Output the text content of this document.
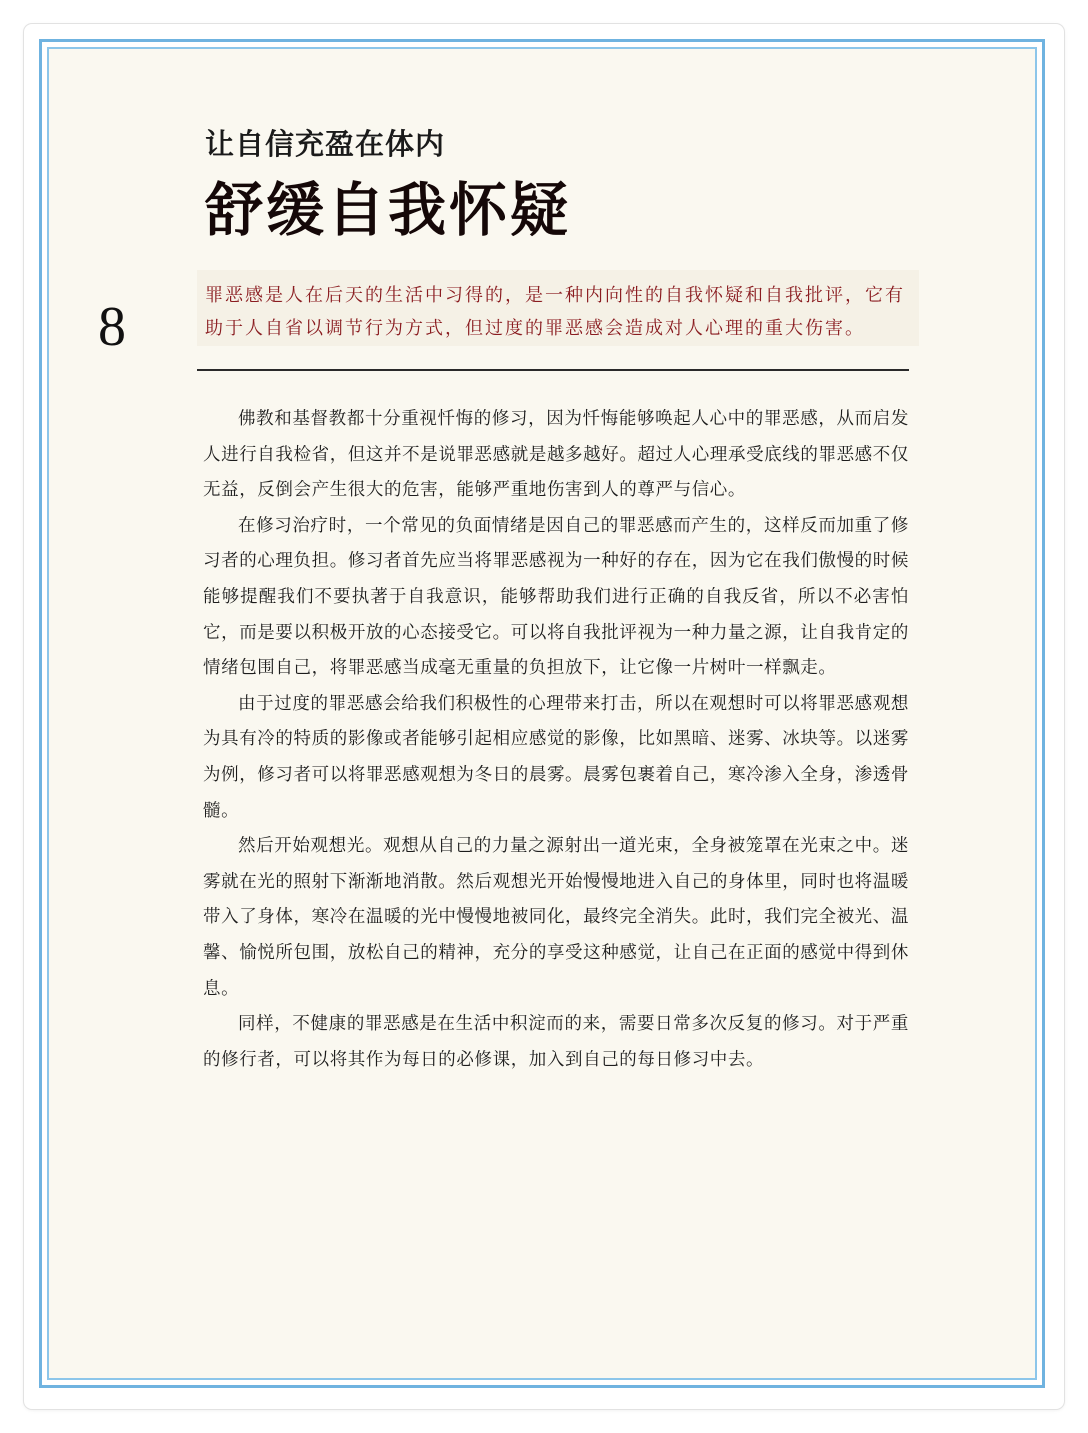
8
让自信充盈在体内
舒缓自我怀疑

罪恶感是人在后天的生活中习得的，是一种内向性的自我怀疑和自我批评，它有助于人自省以调节行为方式，但过度的罪恶感会造成对人心理的重大伤害。

佛教和基督教都十分重视忏悔的修习，因为忏悔能够唤起人心中的罪恶感，从而启发人进行自我检省，但这并不是说罪恶感就是越多越好。超过人心理承受底线的罪恶感不仅无益，反倒会产生很大的危害，能够严重地伤害到人的尊严与信心。

在修习治疗时，一个常见的负面情绪是因自己的罪恶感而产生的，这样反而加重了修习者的心理负担。修习者首先应当将罪恶感视为一种好的存在，因为它在我们傲慢的时候能够提醒我们不要执著于自我意识，能够帮助我们进行正确的自我反省，所以不必害怕它，而是要以积极开放的心态接受它。可以将自我批评视为一种力量之源，让自我肯定的情绪包围自己，将罪恶感当成毫无重量的负担放下，让它像一片树叶一样飘走。

由于过度的罪恶感会给我们积极性的心理带来打击，所以在观想时可以将罪恶感观想为具有冷的特质的影像或者能够引起相应感觉的影像，比如黑暗、迷雾、冰块等。以迷雾为例，修习者可以将罪恶感观想为冬日的晨雾。晨雾包裹着自己，寒冷渗入全身，渗透骨髓。

然后开始观想光。观想从自己的力量之源射出一道光束，全身被笼罩在光束之中。迷雾就在光的照射下渐渐地消散。然后观想光开始慢慢地进入自己的身体里，同时也将温暖带入了身体，寒冷在温暖的光中慢慢地被同化，最终完全消失。此时，我们完全被光、温馨、愉悦所包围，放松自己的精神，充分的享受这种感觉，让自己在正面的感觉中得到休息。

同样，不健康的罪恶感是在生活中积淀而的来，需要日常多次反复的修习。对于严重的修行者，可以将其作为每日的必修课，加入到自己的每日修习中去。
